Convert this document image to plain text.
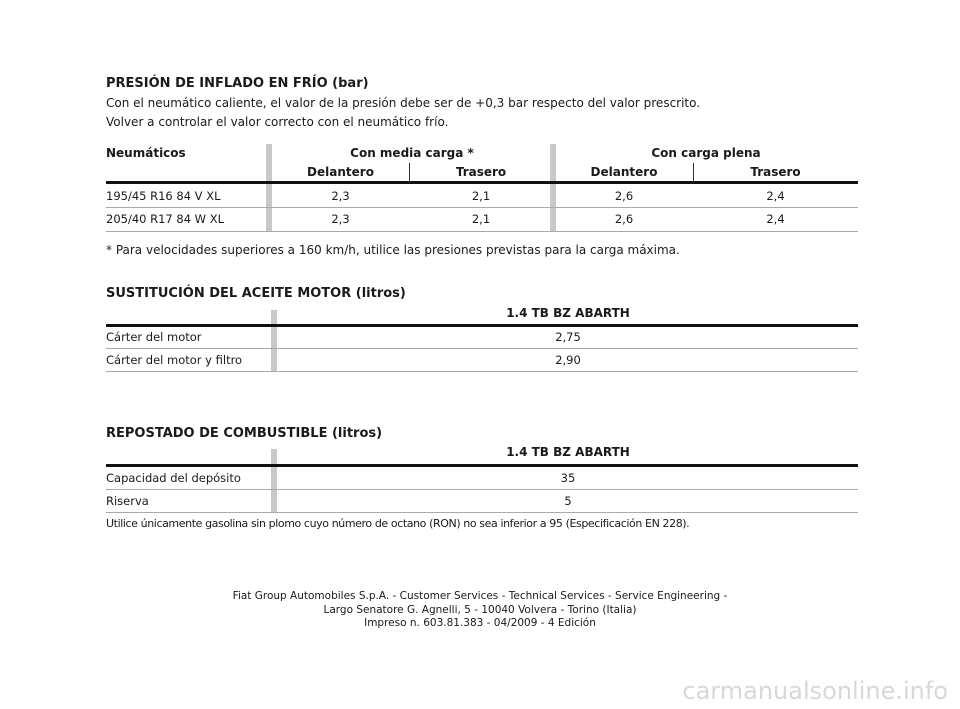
PRESIÓN DE INFLADO EN FRÍO (bar)
Con el neumático caliente, el valor de la presión debe ser de +0,3 bar respecto del valor prescrito.
Volver a controlar el valor correcto con el neumático frío.
Neumáticos	Con media carga *	Con carga plena
Delantero	Trasero	Delantero	Trasero
195/45 R16 84 V XL	2,3	2,1	2,6	2,4
205/40 R17 84 W XL	2,3	2,1	2,6	2,4
* Para velocidades superiores a 160 km/h, utilice las presiones previstas para la carga máxima.
SUSTITUCIÓN DEL ACEITE MOTOR (litros)
1.4 TB BZ ABARTH
Cárter del motor	2,75
Cárter del motor y filtro	2,90
REPOSTADO DE COMBUSTIBLE (litros)
1.4 TB BZ ABARTH
Capacidad del depósito	35
Riserva	5
Utilice únicamente gasolina sin plomo cuyo número de octano (RON) no sea inferior a 95 (Especificación EN 228).
Fiat Group Automobiles S.p.A. - Customer Services - Technical Services - Service Engineering -
Largo Senatore G. Agnelli, 5 - 10040 Volvera - Torino (Italia)
Impreso n. 603.81.383 - 04/2009 - 4 Edición
carmanualsonline.info
